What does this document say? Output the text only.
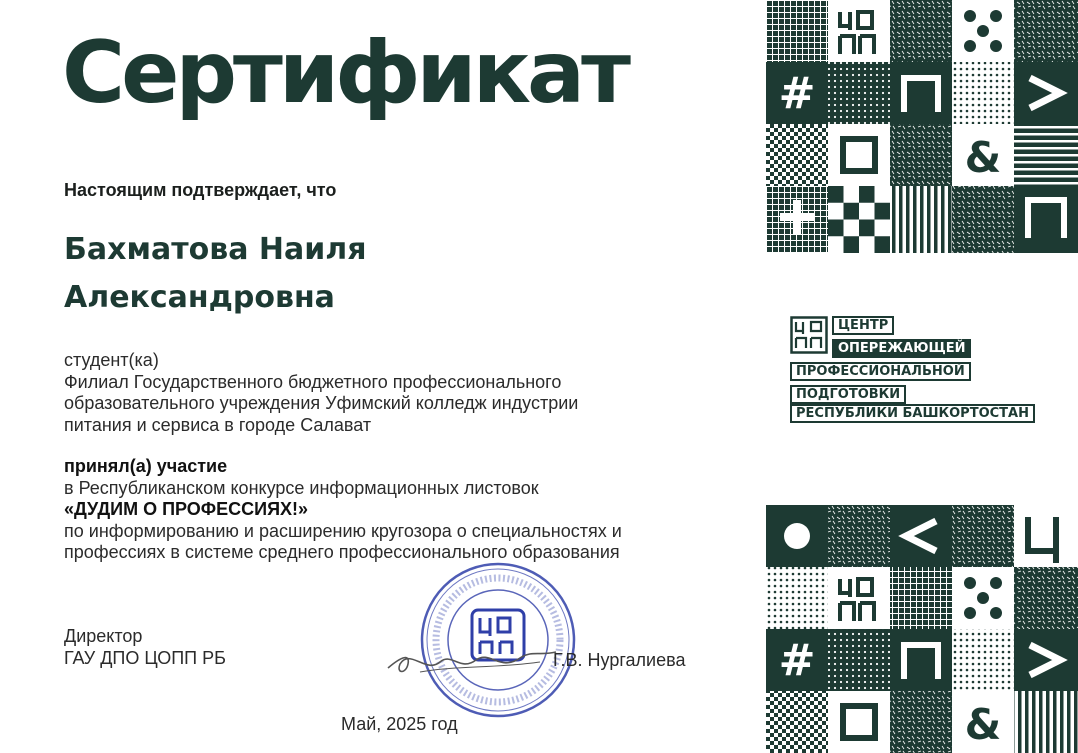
Сертификат
Настоящим подтверждает, что
Бахматова Наиля
Александровна
студент(ка)
Филиал Государственного бюджетного профессионального
образовательного учреждения Уфимский колледж индустрии
питания и сервиса в городе Салават
принял(а) участие
в Республиканском конкурсе информационных листовок
«ДУДИМ О ПРОФЕССИЯХ!»
по информированию и расширению кругозора о специальностях и
профессиях в системе среднего профессионального образования
Директор
ГАУ ДПО ЦОПП РБ	Г.В. Нургалиева
Май, 2025 год
ЦЕНТР
ОПЕРЕЖАЮЩЕЙ
ПРОФЕССИОНАЛЬНОЙ
ПОДГОТОВКИ
РЕСПУБЛИКИ БАШКОРТОСТАН
#
&
#
&
